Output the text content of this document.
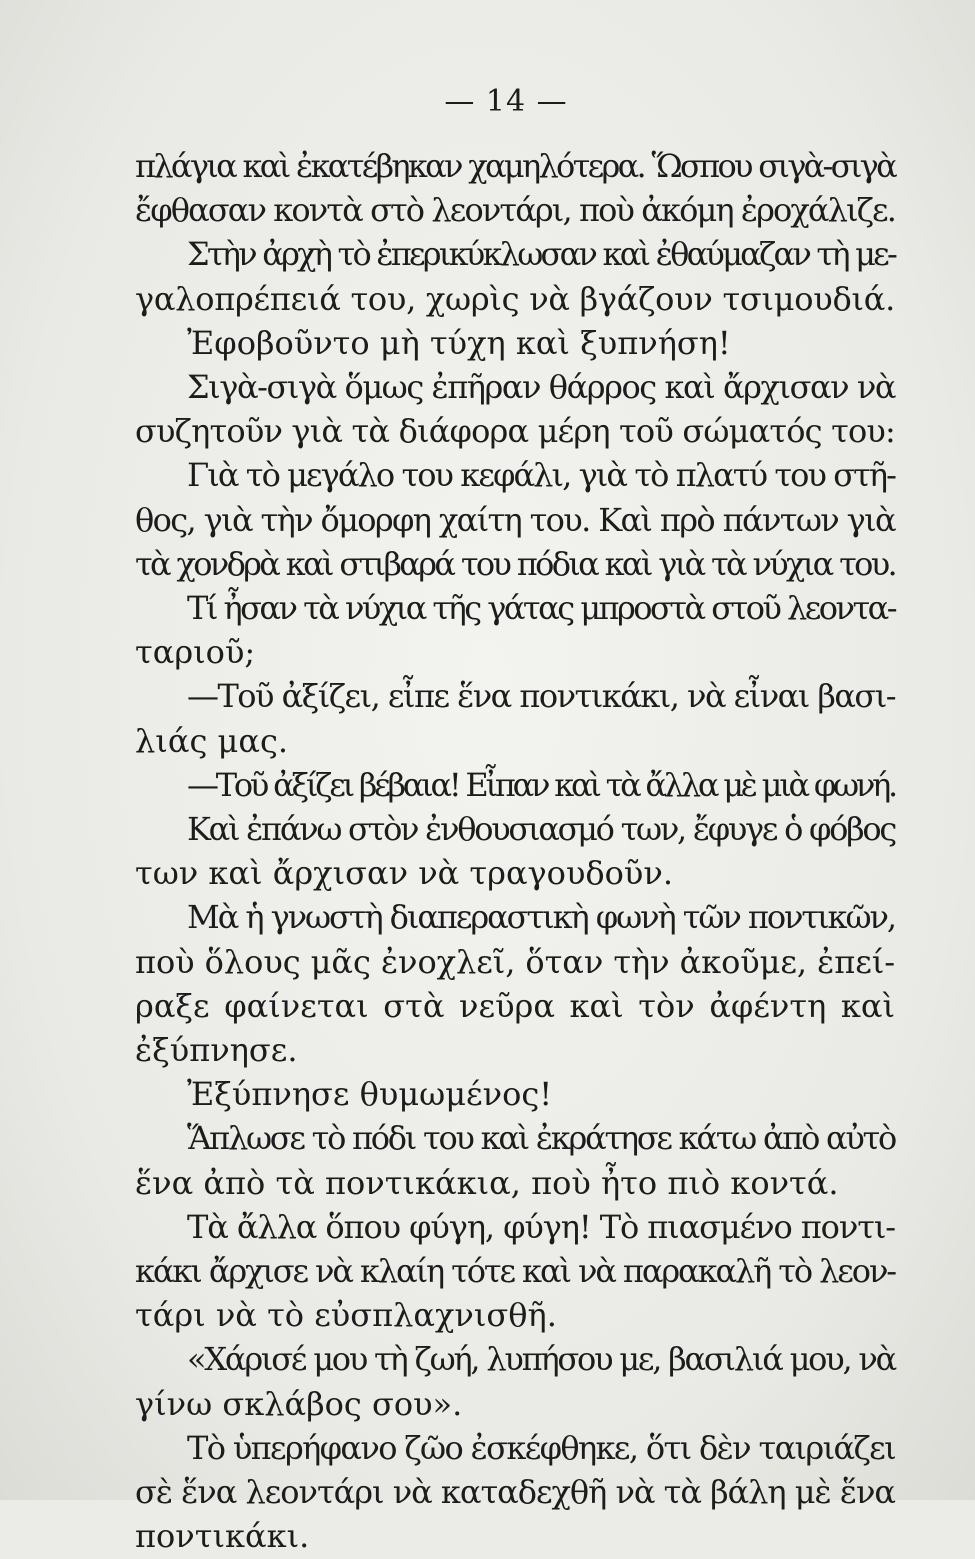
— 14 —
πλάγια καὶ ἐκατέβηκαν χαμηλότερα. Ὥσπου σιγὰ-σιγὰ
ἔφθασαν κοντὰ στὸ λεοντάρι, ποὺ ἀκόμη ἐροχάλιζε.
Στὴν ἀρχὴ τὸ ἐπερικύκλωσαν καὶ ἐθαύμαζαν τὴ με-
γαλοπρέπειά του, χωρὶς νὰ βγάζουν τσιμουδιά.
Ἐφοβοῦντο μὴ τύχη καὶ ξυπνήση!
Σιγὰ-σιγὰ ὅμως ἐπῆραν θάρρος καὶ ἄρχισαν νὰ
συζητοῦν γιὰ τὰ διάφορα μέρη τοῦ σώματός του:
Γιὰ τὸ μεγάλο του κεφάλι, γιὰ τὸ πλατύ του στῆ-
θος, γιὰ τὴν ὄμορφη χαίτη του. Καὶ πρὸ πάντων γιὰ
τὰ χονδρὰ καὶ στιβαρά του πόδια καὶ γιὰ τὰ νύχια του.
Τί ἦσαν τὰ νύχια τῆς γάτας μπροστὰ στοῦ λεοντα-
ταριοῦ;
—Τοῦ ἀξίζει, εἶπε ἕνα ποντικάκι, νὰ εἶναι βασι-
λιάς μας.
—Τοῦ ἀξίζει βέβαια! Εἶπαν καὶ τὰ ἄλλα μὲ μιὰ φωνή.
Καὶ ἐπάνω στὸν ἐνθουσιασμό των, ἔφυγε ὁ φόβος
των καὶ ἄρχισαν νὰ τραγουδοῦν.
Μὰ ἡ γνωστὴ διαπεραστικὴ φωνὴ τῶν ποντικῶν,
ποὺ ὅλους μᾶς ἐνοχλεῖ, ὅταν τὴν ἀκοῦμε, ἐπεί-
ραξε φαίνεται στὰ νεῦρα καὶ τὸν ἀφέντη καὶ
ἐξύπνησε.
Ἐξύπνησε θυμωμένος!
Ἅπλωσε τὸ πόδι του καὶ ἐκράτησε κάτω ἀπὸ αὐτὸ
ἕνα ἀπὸ τὰ ποντικάκια, ποὺ ἦτο πιὸ κοντά.
Τὰ ἄλλα ὅπου φύγη, φύγη! Τὸ πιασμένο ποντι-
κάκι ἄρχισε νὰ κλαίη τότε καὶ νὰ παρακαλῆ τὸ λεον-
τάρι νὰ τὸ εὐσπλαχνισθῆ.
«Χάρισέ μου τὴ ζωή, λυπήσου με, βασιλιά μου, νὰ
γίνω σκλάβος σου».
Τὸ ὑπερήφανο ζῶο ἐσκέφθηκε, ὅτι δὲν ταιριάζει
σὲ ἕνα λεοντάρι νὰ καταδεχθῆ νὰ τὰ βάλη μὲ ἕνα
ποντικάκι.
